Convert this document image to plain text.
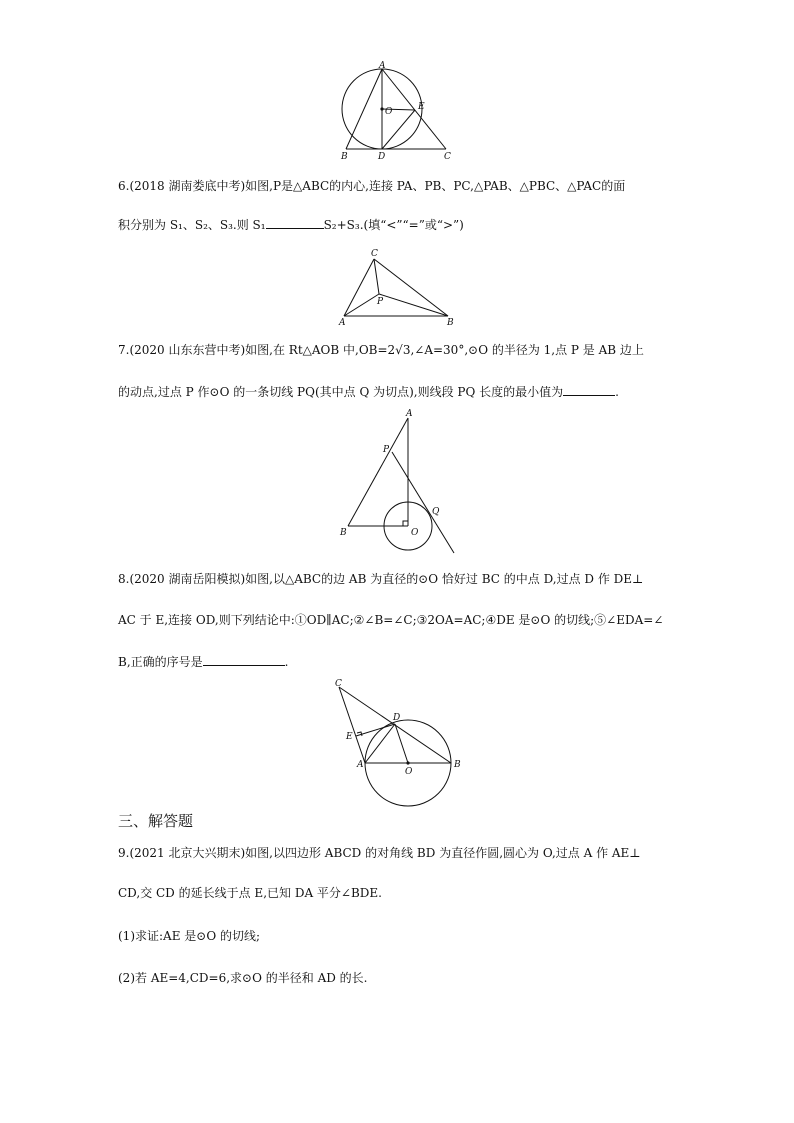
A
O	E
B	D	C
6.(2018 湖南娄底中考)如图,P是△ABC的内心,连接 PA、PB、PC,△PAB、△PBC、△PAC的面
积分别为 S₁、S₂、S₃.则 S₁	S₂+S₃.(填“<”“=”或“>”)
C
P
A	B
7.(2020 山东东营中考)如图,在 Rt△AOB 中,OB=2√3,∠A=30°,⊙O 的半径为 1,点 P 是 AB 边上
的动点,过点 P 作⊙O 的一条切线 PQ(其中点 Q 为切点),则线段 PQ 长度的最小值为	.
A
P
Q
B	O
8.(2020 湖南岳阳模拟)如图,以△ABC的边 AB 为直径的⊙O 恰好过 BC 的中点 D,过点 D 作 DE⊥
AC 于 E,连接 OD,则下列结论中:①OD∥AC;②∠B=∠C;③2OA=AC;④DE 是⊙O 的切线;⑤∠EDA=∠
B,正确的序号是	.
C
D
E
A
O
B
三、解答题
9.(2021 北京大兴期末)如图,以四边形 ABCD 的对角线 BD 为直径作圆,圆心为 O,过点 A 作 AE⊥
CD,交 CD 的延长线于点 E,已知 DA 平分∠BDE.
(1)求证:AE 是⊙O 的切线;
(2)若 AE=4,CD=6,求⊙O 的半径和 AD 的长.
